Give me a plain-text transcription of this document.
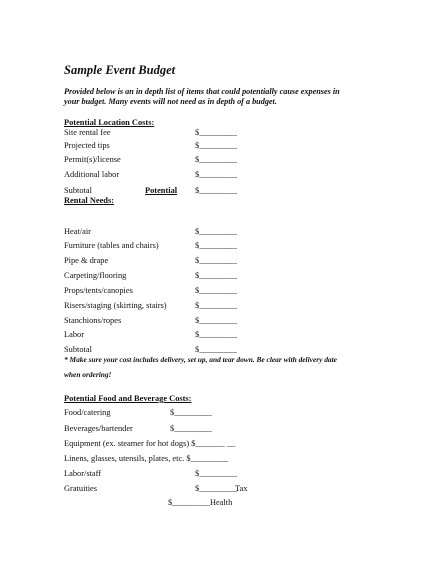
Sample Event Budget
Provided below is an in depth list of items that could potentially cause expenses in
your budget. Many events will not need as in depth of a budget.
Potential Location Costs:
Site rental fee	$_________
Projected tips	$_________
Permit(s)/license	$_________
Additional labor	$_________
Subtotal	Potential $_________
Rental Needs:
Heat/air	$_________
Furniture (tables and chairs)	$_________
Pipe & drape	$_________
Carpeting/flooring	$_________
Props/tents/canopies	$_________
Risers/staging (skirting, stairs)	$_________
Stanchions/ropes	$_________
Labor	$_________
Subtotal	$_________
* Make sure your cost includes delivery, set up, and tear down. Be clear with delivery date
when ordering!
Potential Food and Beverage Costs:
Food/catering	$_________
Beverages/bartender	$_________
Equipment (ex. steamer for hot dogs) $_______ __
Linens, glasses, utensils, plates, etc. $_________
Labor/staff	$_________
Gratuities	$_________
Tax
$_________ Health
